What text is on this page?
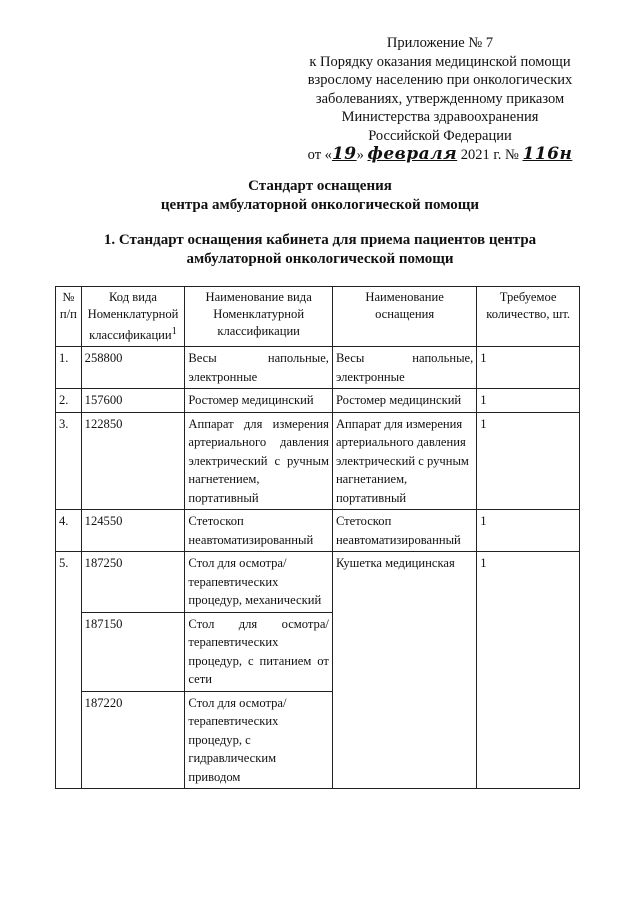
Приложение № 7
к Порядку оказания медицинской помощи
взрослому населению при онкологических
заболеваниях, утвержденному приказом
Министерства здравоохранения
Российской Федерации
от «19» февраля 2021 г. № 116н
Стандарт оснащения
центра амбулаторной онкологической помощи
1. Стандарт оснащения кабинета для приема пациентов центра
амбулаторной онкологической помощи
№ п/п	Код вида Номенклатурной классификации$^1$	Наименование вида Номенклатурной классификации	Наименование оснащения	Требуемое количество, шт.
1.	258800	Весы напольные, электронные	Весы напольные, электронные	1
2.	157600	Ростомер медицинский	Ростомер медицинский	1
3.	122850	Аппарат для измерения артериального давления электрический с ручным нагнетением, портативный	Аппарат для измерения артериального давления электрический с ручным нагнетанием, портативный	1
4.	124550	Стетоскоп неавтоматизированный	Стетоскоп неавтоматизированный	1
5.	187250	Стол для осмотра/терапевтических процедур, механический	Кушетка медицинская	1
	187150	Стол для осмотра/терапевтических процедур, с питанием от сети		
	187220	Стол для осмотра/терапевтических процедур, с гидравлическим приводом		
